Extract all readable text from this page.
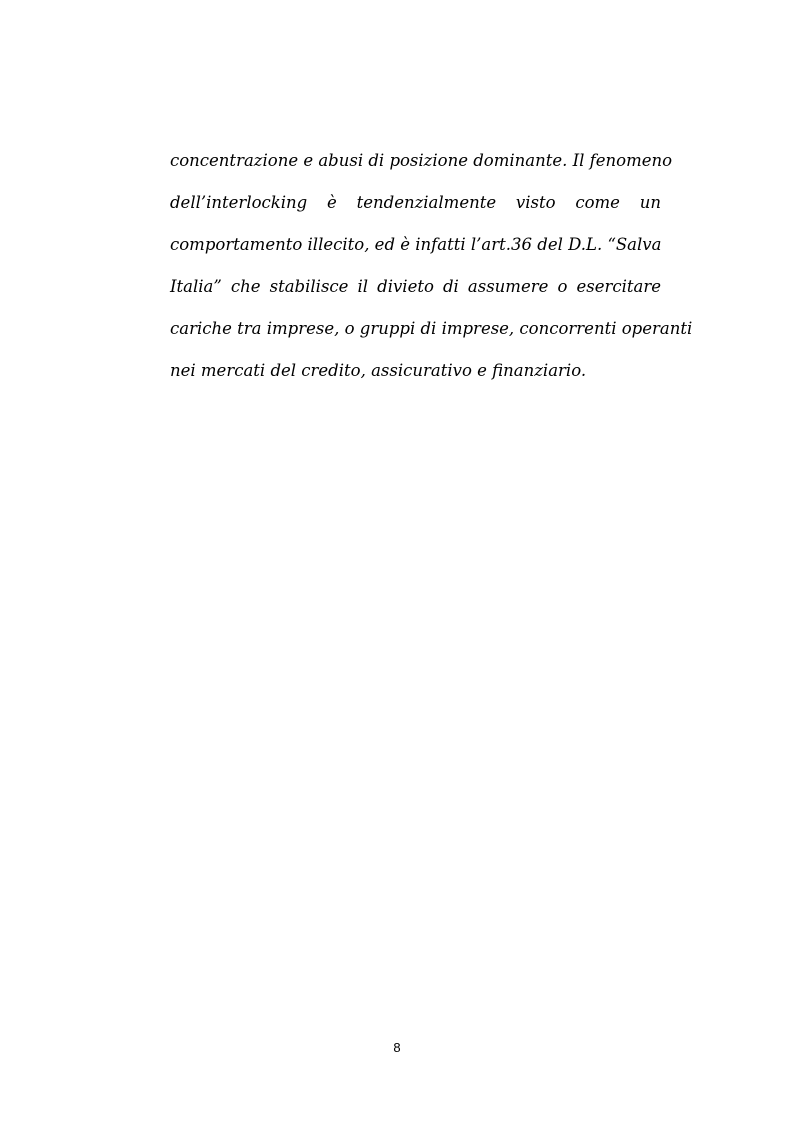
concentrazione e abusi di posizione dominante. Il fenomeno
dell’interlocking è tendenzialmente visto come un
comportamento illecito, ed è infatti l’art.36 del D.L. “Salva
Italia” che stabilisce il divieto di assumere o esercitare
cariche tra imprese, o gruppi di imprese, concorrenti operanti
nei mercati del credito, assicurativo e finanziario.
8
